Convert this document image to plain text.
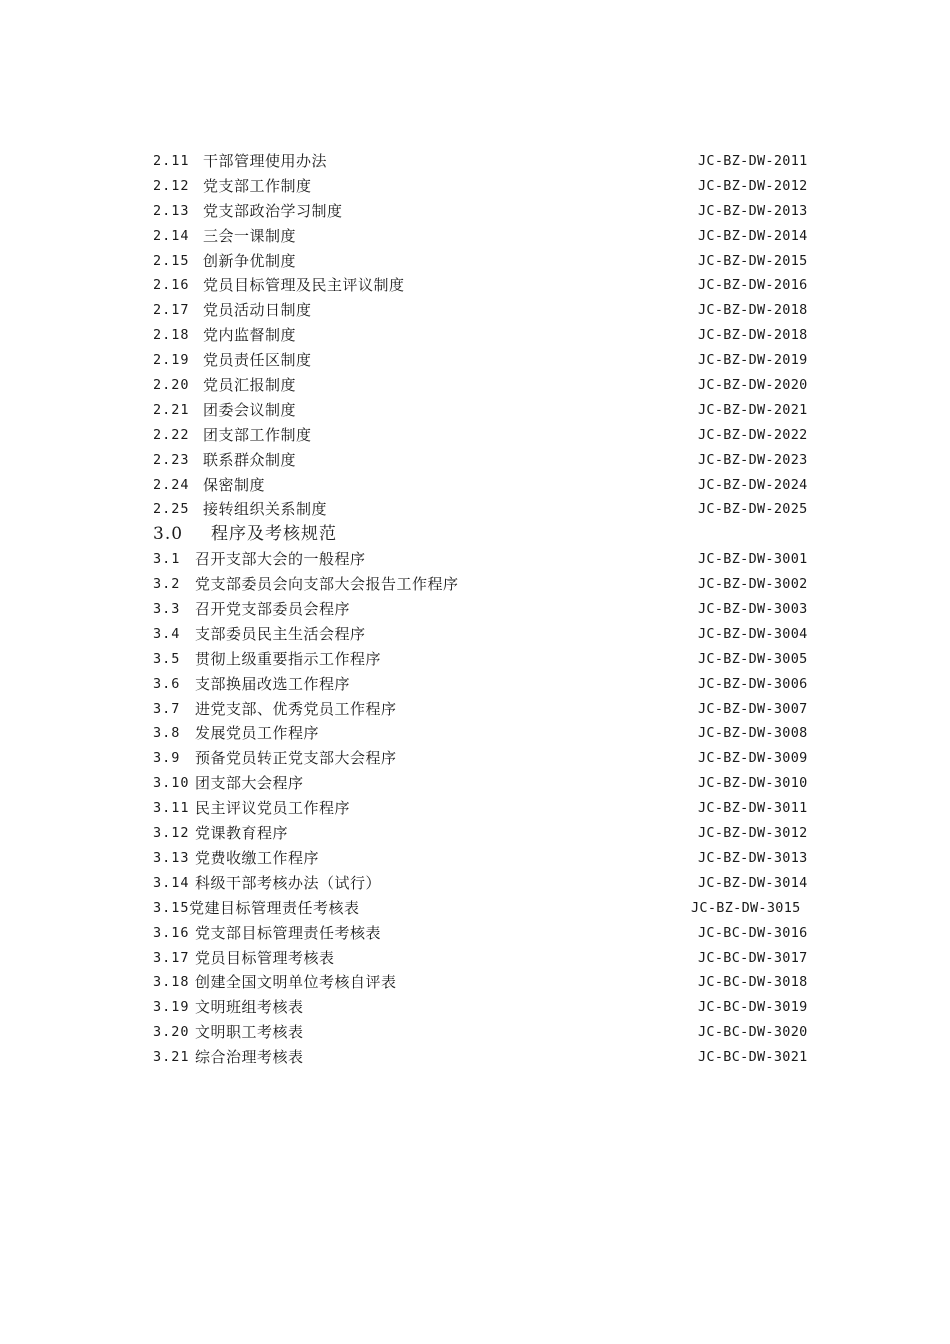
2.11 干部管理使用办法	JC-BZ-DW-2011
2.12 党支部工作制度	JC-BZ-DW-2012
2.13 党支部政治学习制度	JC-BZ-DW-2013
2.14 三会一课制度	JC-BZ-DW-2014
2.15 创新争优制度	JC-BZ-DW-2015
2.16 党员目标管理及民主评议制度	JC-BZ-DW-2016
2.17 党员活动日制度	JC-BZ-DW-2018
2.18 党内监督制度	JC-BZ-DW-2018
2.19 党员责任区制度	JC-BZ-DW-2019
2.20 党员汇报制度	JC-BZ-DW-2020
2.21 团委会议制度	JC-BZ-DW-2021
2.22 团支部工作制度	JC-BZ-DW-2022
2.23 联系群众制度	JC-BZ-DW-2023
2.24 保密制度	JC-BZ-DW-2024
2.25 接转组织关系制度	JC-BZ-DW-2025
3.0 程序及考核规范
3.1 召开支部大会的一般程序	JC-BZ-DW-3001
3.2 党支部委员会向支部大会报告工作程序	JC-BZ-DW-3002
3.3 召开党支部委员会程序	JC-BZ-DW-3003
3.4 支部委员民主生活会程序	JC-BZ-DW-3004
3.5 贯彻上级重要指示工作程序	JC-BZ-DW-3005
3.6 支部换届改选工作程序	JC-BZ-DW-3006
3.7 进党支部、优秀党员工作程序	JC-BZ-DW-3007
3.8 发展党员工作程序	JC-BZ-DW-3008
3.9 预备党员转正党支部大会程序	JC-BZ-DW-3009
3.10 团支部大会程序	JC-BZ-DW-3010
3.11 民主评议党员工作程序	JC-BZ-DW-3011
3.12 党课教育程序	JC-BZ-DW-3012
3.13 党费收缴工作程序	JC-BZ-DW-3013
3.14 科级干部考核办法（试行）	JC-BZ-DW-3014
3.15 党建目标管理责任考核表	JC-BZ-DW-3015
3.16 党支部目标管理责任考核表	JC-BC-DW-3016
3.17 党员目标管理考核表	JC-BC-DW-3017
3.18 创建全国文明单位考核自评表	JC-BC-DW-3018
3.19 文明班组考核表	JC-BC-DW-3019
3.20 文明职工考核表	JC-BC-DW-3020
3.21 综合治理考核表	JC-BC-DW-3021
